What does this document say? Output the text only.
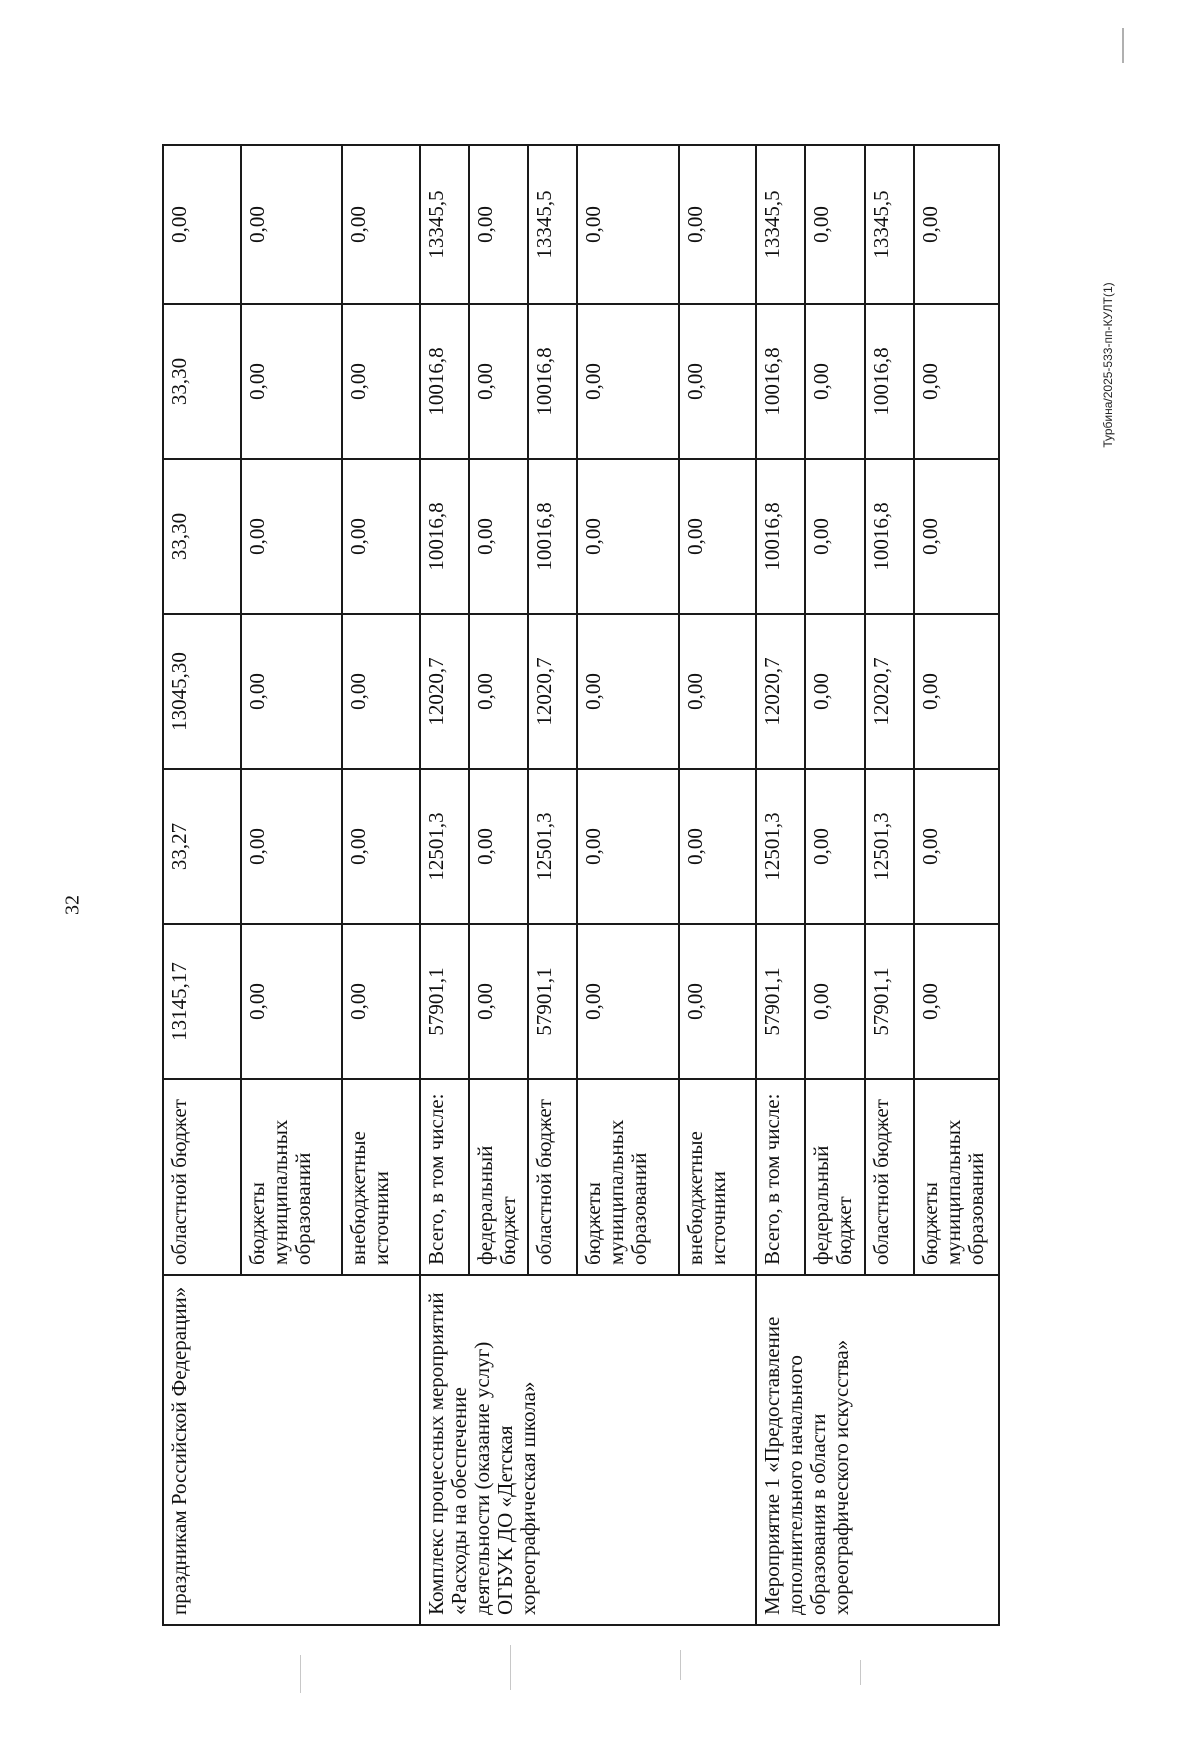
32
Турбина/2025-533-пп-КУЛТ(1)
праздникам Российской Федерации»	областной бюджет	13145,17	33,27	13045,30	33,30	33,30	0,00
	бюджеты муниципальных образований	0,00	0,00	0,00	0,00	0,00	0,00
	внебюджетные источники	0,00	0,00	0,00	0,00	0,00	0,00
Комплекс процессных мероприятий «Расходы на обеспечение деятельности (оказание услуг) ОГБУК ДО «Детская хореографическая школа»	Всего, в том числе:	57901,1	12501,3	12020,7	10016,8	10016,8	13345,5
	федеральный бюджет	0,00	0,00	0,00	0,00	0,00	0,00
	областной бюджет	57901,1	12501,3	12020,7	10016,8	10016,8	13345,5
	бюджеты муниципальных образований	0,00	0,00	0,00	0,00	0,00	0,00
	внебюджетные источники	0,00	0,00	0,00	0,00	0,00	0,00
Мероприятие 1 «Предоставление дополнительного начального образования в области хореографического искусства»	Всего, в том числе:	57901,1	12501,3	12020,7	10016,8	10016,8	13345,5
	федеральный бюджет	0,00	0,00	0,00	0,00	0,00	0,00
	областной бюджет	57901,1	12501,3	12020,7	10016,8	10016,8	13345,5
	бюджеты муниципальных образований	0,00	0,00	0,00	0,00	0,00	0,00
